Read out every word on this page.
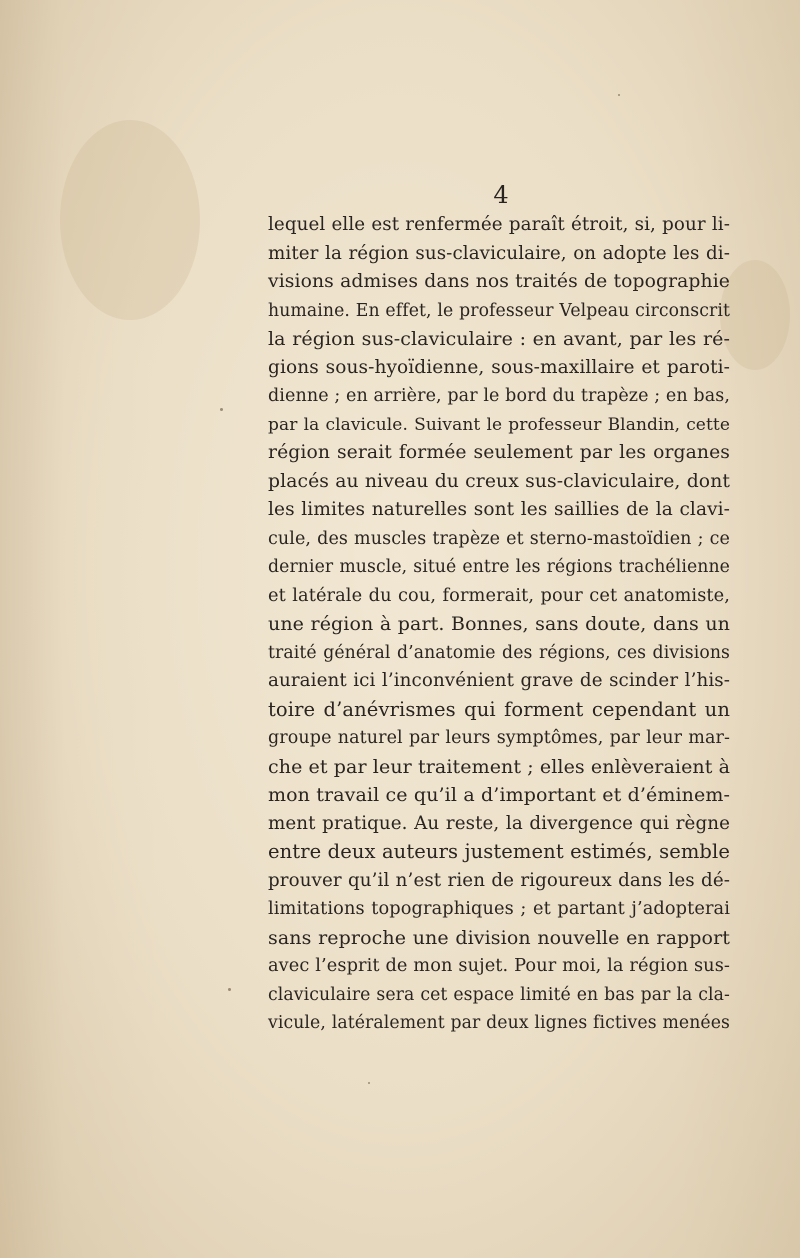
4
lequel elle est renfermée paraît étroit, si, pour li-
miter la région sus-claviculaire, on adopte les di-
visions admises dans nos traités de topographie
humaine. En effet, le professeur Velpeau circonscrit
la région sus-claviculaire : en avant, par les ré-
gions sous-hyoïdienne, sous-maxillaire et paroti-
dienne ; en arrière, par le bord du trapèze ; en bas,
par la clavicule. Suivant le professeur Blandin, cette
région serait formée seulement par les organes
placés au niveau du creux sus-claviculaire, dont
les limites naturelles sont les saillies de la clavi-
cule, des muscles trapèze et sterno-mastoïdien ; ce
dernier muscle, situé entre les régions trachélienne
et latérale du cou, formerait, pour cet anatomiste,
une région à part. Bonnes, sans doute, dans un
traité général d’anatomie des régions, ces divisions
auraient ici l’inconvénient grave de scinder l’his-
toire d’anévrismes qui forment cependant un
groupe naturel par leurs symptômes, par leur mar-
che et par leur traitement ; elles enlèveraient à
mon travail ce qu’il a d’important et d’éminem-
ment pratique. Au reste, la divergence qui règne
entre deux auteurs justement estimés, semble
prouver qu’il n’est rien de rigoureux dans les dé-
limitations topographiques ; et partant j’adopterai
sans reproche une division nouvelle en rapport
avec l’esprit de mon sujet. Pour moi, la région sus-
claviculaire sera cet espace limité en bas par la cla-
vicule, latéralement par deux lignes fictives menées
